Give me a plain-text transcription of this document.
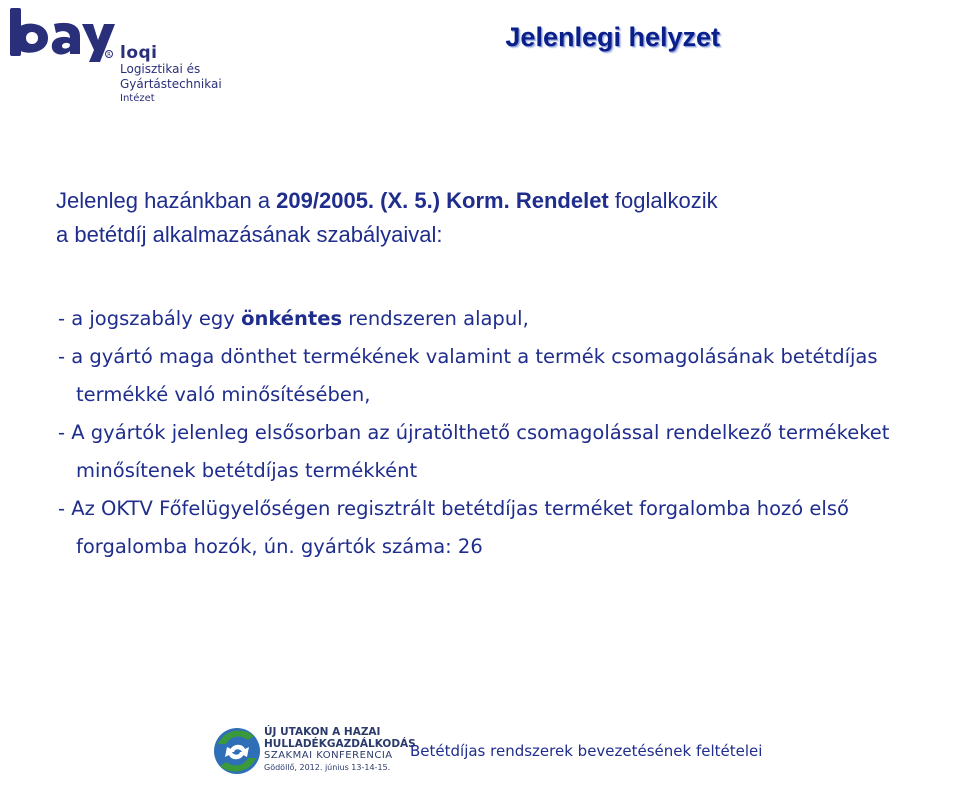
R loqi
Logisztikai és
Gyártástechnikai
Intézet
Jelenlegi helyzet
Jelenleg hazánkban a 209/2005. (X. 5.) Korm. Rendelet foglalkozik
a betétdíj alkalmazásának szabályaival:
- a jogszabály egy önkéntes rendszeren alapul,
- a gyártó maga dönthet termékének valamint a termék csomagolásának betétdíjas termékké való minősítésében,
- A gyártók jelenleg elsősorban az újratölthető csomagolással rendelkező termékeket minősítenek betétdíjas termékként
- Az OKTV Főfelügyelőségen regisztrált betétdíjas terméket forgalomba hozó első forgalomba hozók, ún. gyártók száma: 26
ÚJ UTAKON A HAZAI
HULLADÉKGAZDÁLKODÁS
SZAKMAI KONFERENCIA
Gödöllő, 2012. június 13-14-15.
Betétdíjas rendszerek bevezetésének feltételei
